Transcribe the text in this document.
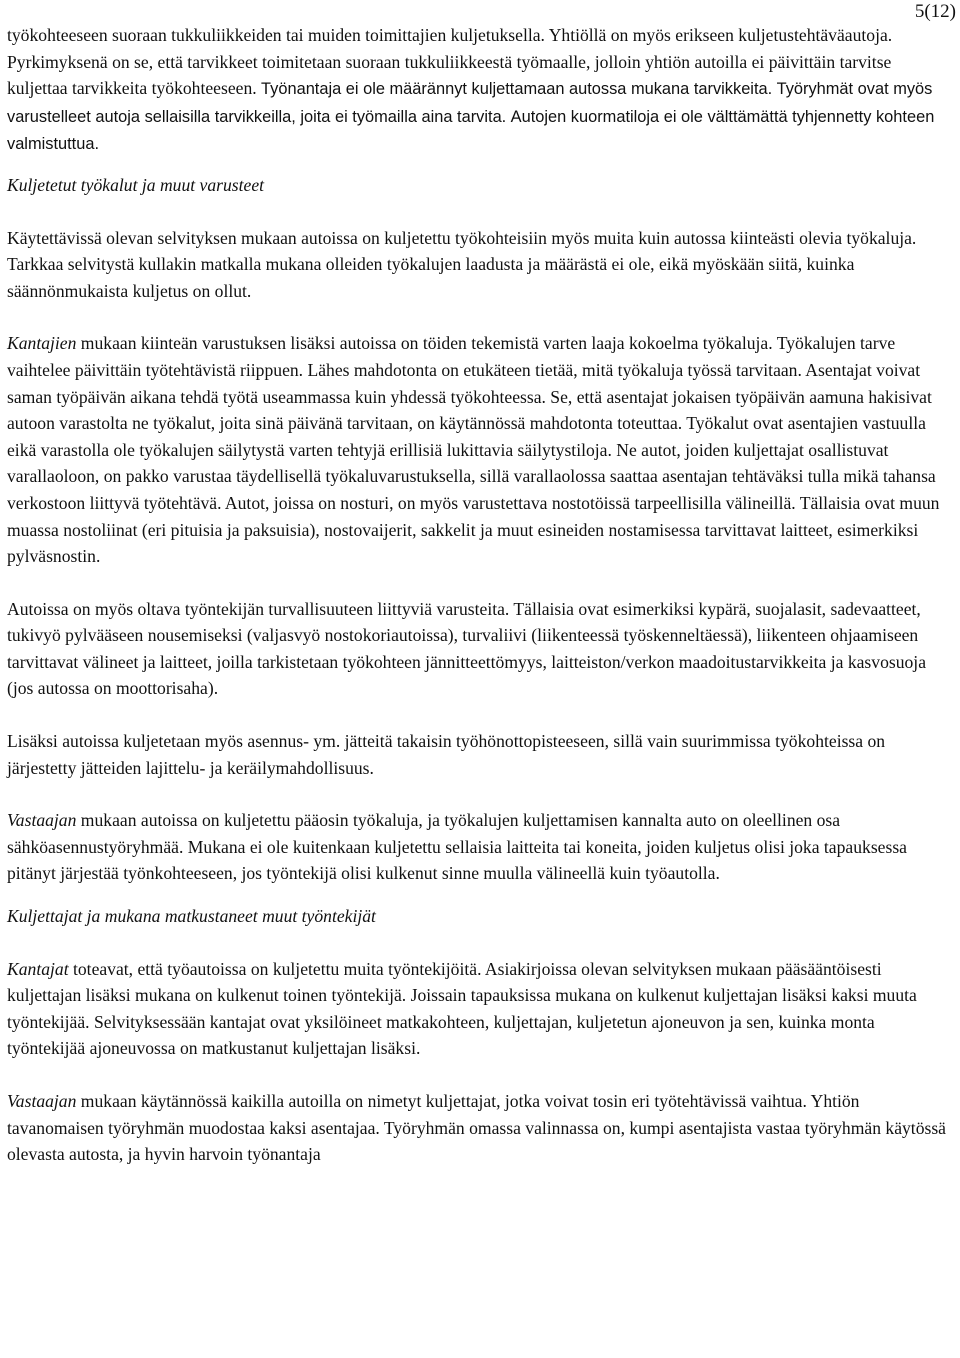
5(12)

työkohteeseen suoraan tukkuliikkeiden tai muiden toimittajien kuljetuksella. Yhtiöllä on myös erikseen kuljetustehtäväautoja. Pyrkimyksenä on se, että tarvikkeet toimitetaan suoraan tukkuliikkeestä työmaalle, jolloin yhtiön autoilla ei päivittäin tarvitse kuljettaa tarvikkeita työkohteeseen. Työnantaja ei ole määrännyt kuljettamaan autossa mukana tarvikkeita. Työryhmät ovat myös varustelleet autoja sellaisilla tarvikkeilla, joita ei työmailla aina tarvita. Autojen kuormatiloja ei ole välttämättä tyhjennetty kohteen valmistuttua.

Kuljetetut työkalut ja muut varusteet

Käytettävissä olevan selvityksen mukaan autoissa on kuljetettu työkohteisiin myös muita kuin autossa kiinteästi olevia työkaluja. Tarkkaa selvitystä kullakin matkalla mukana olleiden työkalujen laadusta ja määrästä ei ole, eikä myöskään siitä, kuinka säännönmukaista kuljetus on ollut.

Kantajien mukaan kiinteän varustuksen lisäksi autoissa on töiden tekemistä varten laaja kokoelma työkaluja. Työkalujen tarve vaihtelee päivittäin työtehtävistä riippuen. Lähes mahdotonta on etukäteen tietää, mitä työkaluja työssä tarvitaan. Asentajat voivat saman työpäivän aikana tehdä työtä useammassa kuin yhdessä työkohteessa. Se, että asentajat jokaisen työpäivän aamuna hakisivat autoon varastolta ne työkalut, joita sinä päivänä tarvitaan, on käytännössä mahdotonta toteuttaa. Työkalut ovat asentajien vastuulla eikä varastolla ole työkalujen säilytystä varten tehtyjä erillisiä lukittavia säilytystiloja. Ne autot, joiden kuljettajat osallistuvat varallaoloon, on pakko varustaa täydellisellä työkaluvarustuksella, sillä varallaolossa saattaa asentajan tehtäväksi tulla mikä tahansa verkostoon liittyvä työtehtävä. Autot, joissa on nosturi, on myös varustettava nostotöissä tarpeellisilla välineillä. Tällaisia ovat muun muassa nostoliinat (eri pituisia ja paksuisia), nostovaijerit, sakkelit ja muut esineiden nostamisessa tarvittavat laitteet, esimerkiksi pylväsnostin.

Autoissa on myös oltava työntekijän turvallisuuteen liittyviä varusteita. Tällaisia ovat esimerkiksi kypärä, suojalasit, sadevaatteet, tukivyö pylvääseen nousemiseksi (valjasvyö nostokoriautoissa), turvaliivi (liikenteessä työskenneltäessä), liikenteen ohjaamiseen tarvittavat välineet ja laitteet, joilla tarkistetaan työkohteen jännitteettömyys, laitteiston/verkon maadoitustarvikkeita ja kasvosuoja (jos autossa on moottorisaha).

Lisäksi autoissa kuljetetaan myös asennus- ym. jätteitä takaisin työhönottopisteeseen, sillä vain suurimmissa työkohteissa on järjestetty jätteiden lajittelu- ja keräilymahdollisuus.

Vastaajan mukaan autoissa on kuljetettu pääosin työkaluja, ja työkalujen kuljettamisen kannalta auto on oleellinen osa sähköasennustyöryhmää. Mukana ei ole kuitenkaan kuljetettu sellaisia laitteita tai koneita, joiden kuljetus olisi joka tapauksessa pitänyt järjestää työnkohteeseen, jos työntekijä olisi kulkenut sinne muulla välineellä kuin työautolla.

Kuljettajat ja mukana matkustaneet muut työntekijät

Kantajat toteavat, että työautoissa on kuljetettu muita työntekijöitä. Asiakirjoissa olevan selvityksen mukaan pääsääntöisesti kuljettajan lisäksi mukana on kulkenut toinen työntekijä. Joissain tapauksissa mukana on kulkenut kuljettajan lisäksi kaksi muuta työntekijää. Selvityksessään kantajat ovat yksilöineet matkakohteen, kuljettajan, kuljetetun ajoneuvon ja sen, kuinka monta työntekijää ajoneuvossa on matkustanut kuljettajan lisäksi.

Vastaajan mukaan käytännössä kaikilla autoilla on nimetyt kuljettajat, jotka voivat tosin eri työtehtävissä vaihtua. Yhtiön tavanomaisen työryhmän muodostaa kaksi asentajaa. Työryhmän omassa valinnassa on, kumpi asentajista vastaa työryhmän käytössä olevasta autosta, ja hyvin harvoin työnantaja
